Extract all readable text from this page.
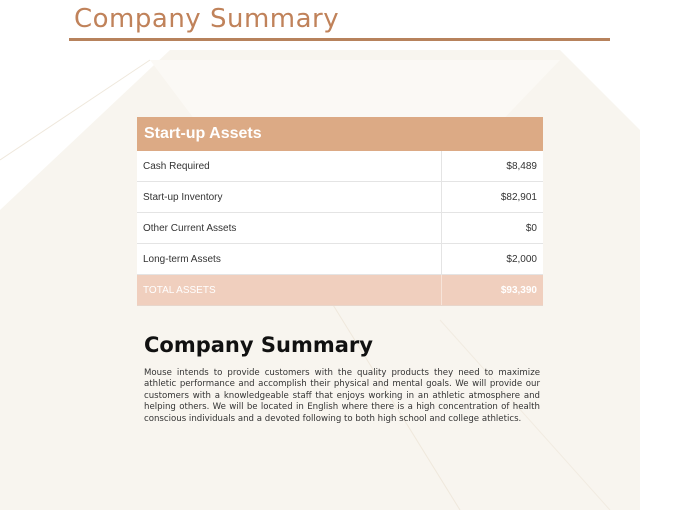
Company Summary
Start-up Assets	
Cash Required	$8,489
Start-up Inventory	$82,901
Other Current Assets	$0
Long-term Assets	$2,000
TOTAL ASSETS	$93,390
Company Summary
Mouse intends to provide customers with the quality products they need to maximize athletic performance and accomplish their physical and mental goals. We will provide our customers with a knowledgeable staff that enjoys working in an athletic atmosphere and helping others. We will be located in English where there is a high concentration of health conscious individuals and a devoted following to both high school and college athletics.
